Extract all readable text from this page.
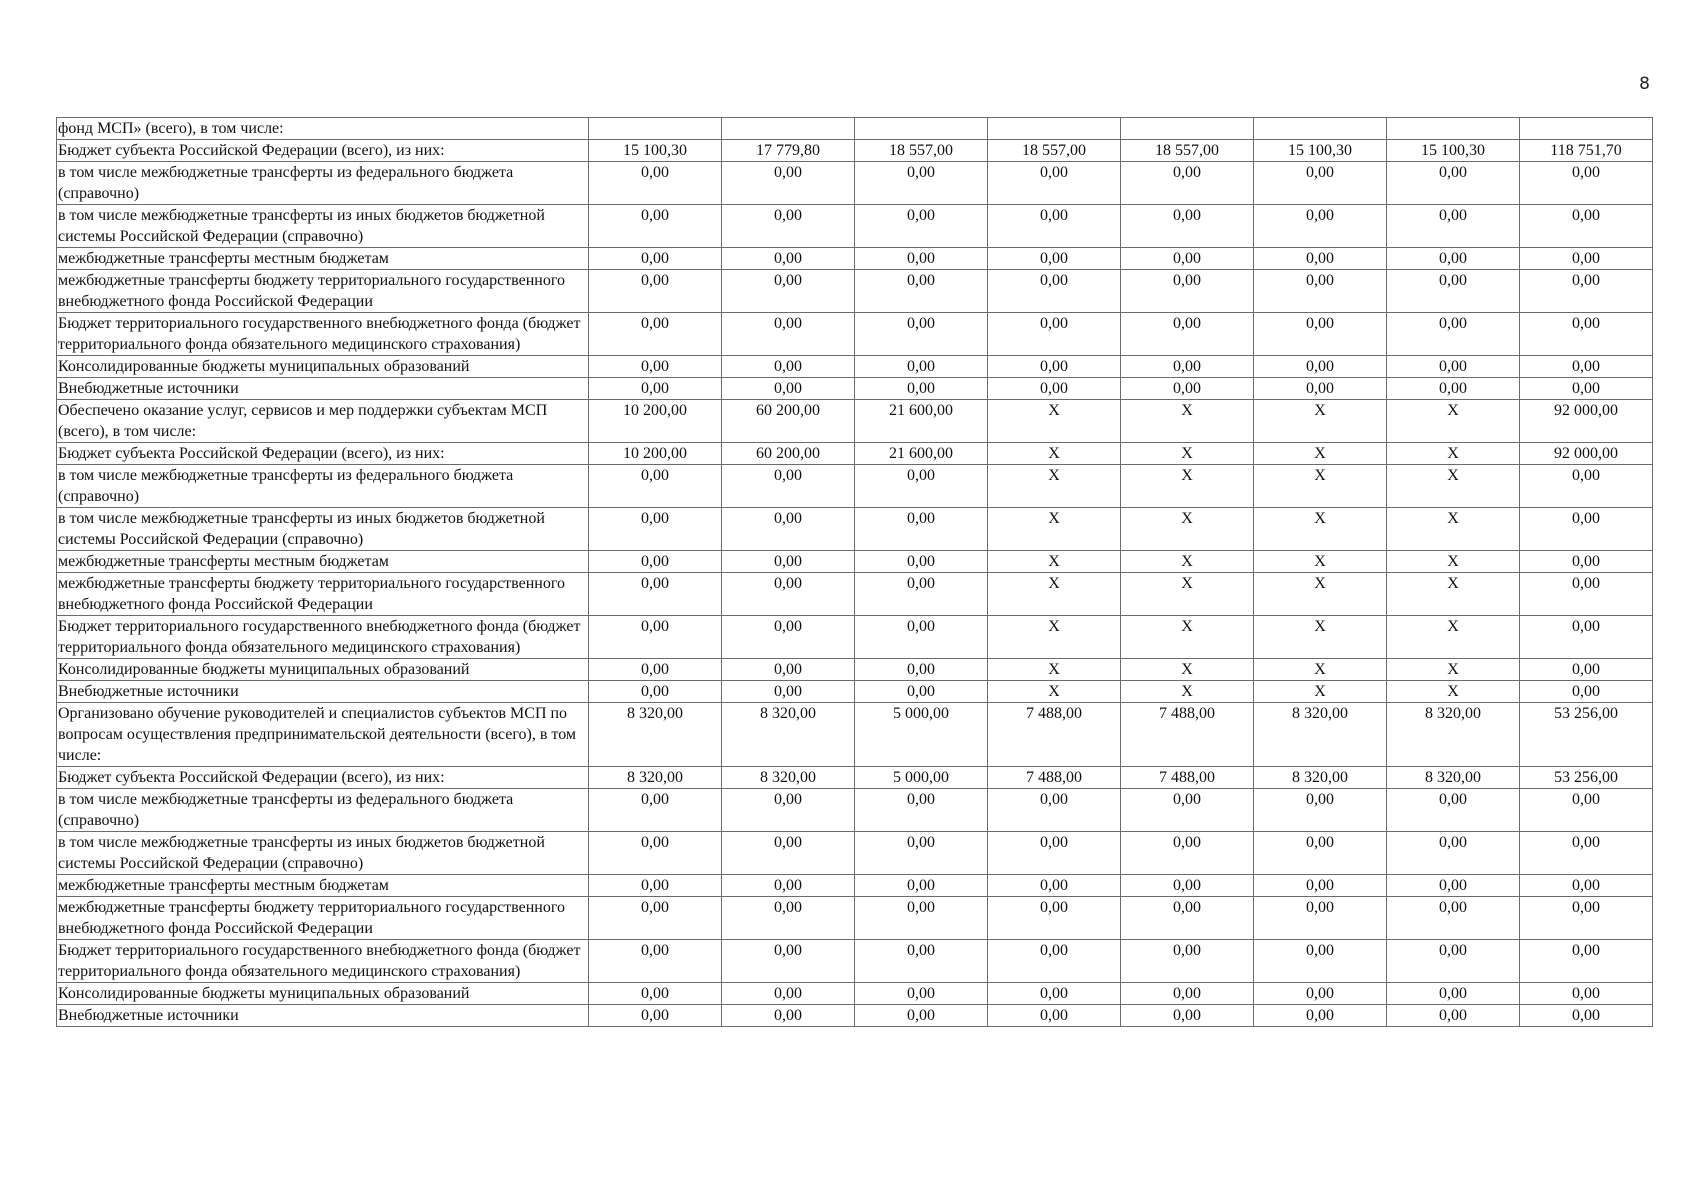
8
фонд МСП» (всего), в том числе:								
Бюджет субъекта Российской Федерации (всего), из них:	15 100,30	17 779,80	18 557,00	18 557,00	18 557,00	15 100,30	15 100,30	118 751,70
в том числе межбюджетные трансферты из федерального бюджета (справочно)	0,00	0,00	0,00	0,00	0,00	0,00	0,00	0,00
в том числе межбюджетные трансферты из иных бюджетов бюджетной системы Российской Федерации (справочно)	0,00	0,00	0,00	0,00	0,00	0,00	0,00	0,00
межбюджетные трансферты местным бюджетам	0,00	0,00	0,00	0,00	0,00	0,00	0,00	0,00
межбюджетные трансферты бюджету территориального государственного внебюджетного фонда Российской Федерации	0,00	0,00	0,00	0,00	0,00	0,00	0,00	0,00
Бюджет территориального государственного внебюджетного фонда (бюджет территориального фонда обязательного медицинского страхования)	0,00	0,00	0,00	0,00	0,00	0,00	0,00	0,00
Консолидированные бюджеты муниципальных образований	0,00	0,00	0,00	0,00	0,00	0,00	0,00	0,00
Внебюджетные источники	0,00	0,00	0,00	0,00	0,00	0,00	0,00	0,00
Обеспечено оказание услуг, сервисов и мер поддержки субъектам МСП (всего), в том числе:	10 200,00	60 200,00	21 600,00	X	X	X	X	92 000,00
Бюджет субъекта Российской Федерации (всего), из них:	10 200,00	60 200,00	21 600,00	X	X	X	X	92 000,00
в том числе межбюджетные трансферты из федерального бюджета (справочно)	0,00	0,00	0,00	X	X	X	X	0,00
в том числе межбюджетные трансферты из иных бюджетов бюджетной системы Российской Федерации (справочно)	0,00	0,00	0,00	X	X	X	X	0,00
межбюджетные трансферты местным бюджетам	0,00	0,00	0,00	X	X	X	X	0,00
межбюджетные трансферты бюджету территориального государственного внебюджетного фонда Российской Федерации	0,00	0,00	0,00	X	X	X	X	0,00
Бюджет территориального государственного внебюджетного фонда (бюджет территориального фонда обязательного медицинского страхования)	0,00	0,00	0,00	X	X	X	X	0,00
Консолидированные бюджеты муниципальных образований	0,00	0,00	0,00	X	X	X	X	0,00
Внебюджетные источники	0,00	0,00	0,00	X	X	X	X	0,00
Организовано обучение руководителей и специалистов субъектов МСП по вопросам осуществления предпринимательской деятельности (всего), в том числе:	8 320,00	8 320,00	5 000,00	7 488,00	7 488,00	8 320,00	8 320,00	53 256,00
Бюджет субъекта Российской Федерации (всего), из них:	8 320,00	8 320,00	5 000,00	7 488,00	7 488,00	8 320,00	8 320,00	53 256,00
в том числе межбюджетные трансферты из федерального бюджета (справочно)	0,00	0,00	0,00	0,00	0,00	0,00	0,00	0,00
в том числе межбюджетные трансферты из иных бюджетов бюджетной системы Российской Федерации (справочно)	0,00	0,00	0,00	0,00	0,00	0,00	0,00	0,00
межбюджетные трансферты местным бюджетам	0,00	0,00	0,00	0,00	0,00	0,00	0,00	0,00
межбюджетные трансферты бюджету территориального государственного внебюджетного фонда Российской Федерации	0,00	0,00	0,00	0,00	0,00	0,00	0,00	0,00
Бюджет территориального государственного внебюджетного фонда (бюджет территориального фонда обязательного медицинского страхования)	0,00	0,00	0,00	0,00	0,00	0,00	0,00	0,00
Консолидированные бюджеты муниципальных образований	0,00	0,00	0,00	0,00	0,00	0,00	0,00	0,00
Внебюджетные источники	0,00	0,00	0,00	0,00	0,00	0,00	0,00	0,00
